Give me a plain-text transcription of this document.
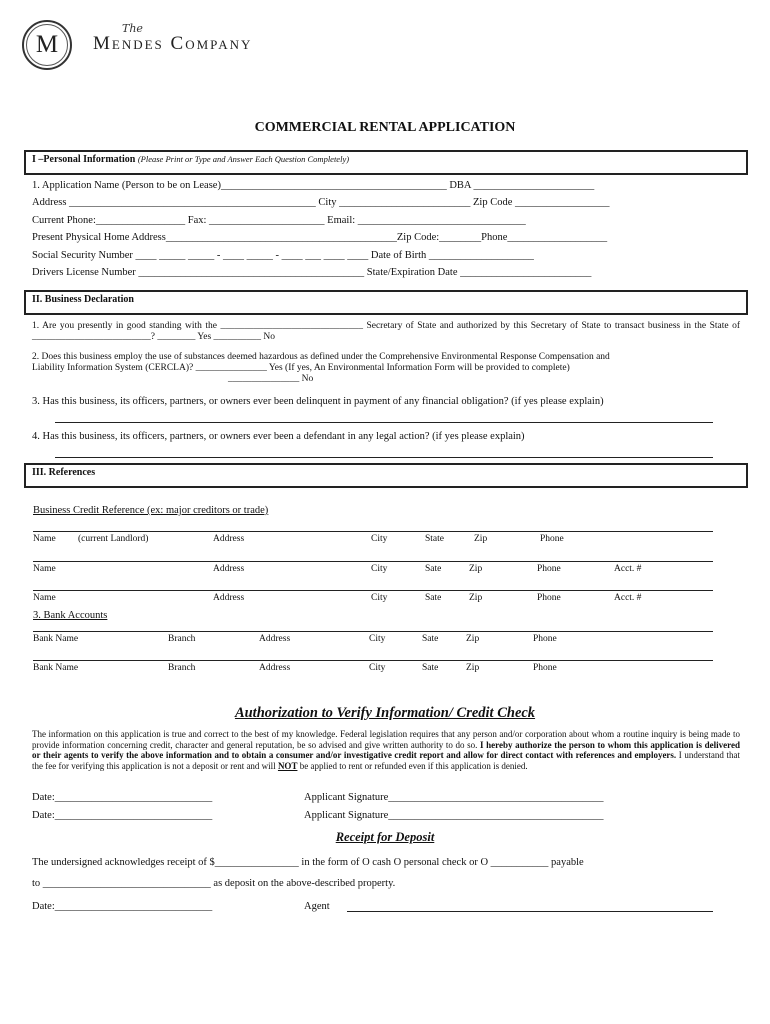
M
The
Mendes Company
COMMERCIAL RENTAL APPLICATION
I –Personal Information (Please Print or Type and Answer Each Question Completely)
1. Application Name (Person to be on Lease)___________________________________________ DBA _______________________
Address _______________________________________________ City _________________________ Zip Code __________________
Current Phone:_________________ Fax: ______________________ Email: ________________________________
Present Physical Home Address____________________________________________Zip Code:________Phone___________________
Social Security Number ____ _____ _____ - ____ _____ - ____ ___ ____ ____ Date of Birth ____________________
Drivers License Number ___________________________________________ State/Expiration Date _________________________
II. Business Declaration
1. Are you presently in good standing with the ______________________________ Secretary of State and authorized by this Secretary of State to transact business in the State of _________________________? ________ Yes __________ No
2. Does this business employ the use of substances deemed hazardous as defined under the Comprehensive Environmental Response Compensation and
Liability Information System (CERCLA)? _______________ Yes (If yes, An Environmental Information Form will be provided to complete)
_______________ No
3. Has this business, its officers, partners, or owners ever been delinquent in payment of any financial obligation? (if yes please explain)
4. Has this business, its officers, partners, or owners ever been a defendant in any legal action? (if yes please explain)
III. References
Business Credit Reference (ex: major creditors or trade)
Name (current Landlord)	Address	City	State	Zip	Phone
Name	Address	City	Sate	Zip	Phone	Acct. #
Name	Address	City	Sate	Zip	Phone	Acct. #
3. Bank Accounts
Bank Name	Branch	Address	City	Sate	Zip	Phone
Bank Name	Branch	Address	City	Sate	Zip	Phone
Authorization to Verify Information/ Credit Check
The information on this application is true and correct to the best of my knowledge. Federal legislation requires that any person and/or corporation about whom a routine inquiry is being made to provide information concerning credit, character and general reputation, be so advised and give written authority to do so. I hereby authorize the person to whom this application is delivered or their agents to verify the above information and to obtain a consumer and/or investigative credit report and allow for direct contact with references and employers. I understand that the fee for verifying this application is not a deposit or rent and will NOT be applied to rent or refunded even if this application is denied.
Date:______________________________	Applicant Signature_________________________________________
Date:______________________________	Applicant Signature_________________________________________
Receipt for Deposit
The undersigned acknowledges receipt of $________________ in the form of O cash O personal check or O ___________ payable
to ________________________________ as deposit on the above-described property.
Date:______________________________	Agent
